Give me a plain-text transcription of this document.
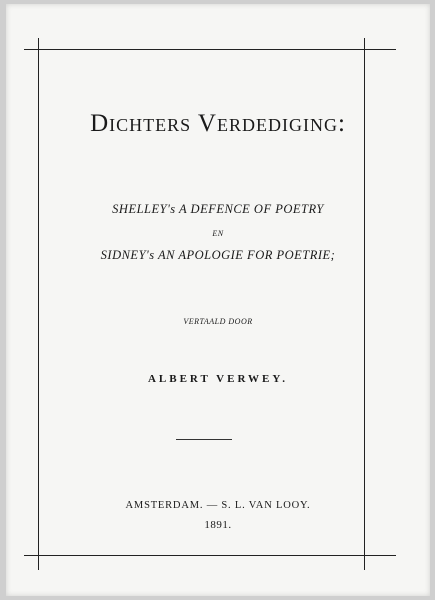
Dichters Verdediging:
SHELLEY's A DEFENCE OF POETRY
EN
SIDNEY's AN APOLOGIE FOR POETRIE;
VERTAALD DOOR
ALBERT VERWEY.
AMSTERDAM. — S. L. VAN LOOY.
1891.
